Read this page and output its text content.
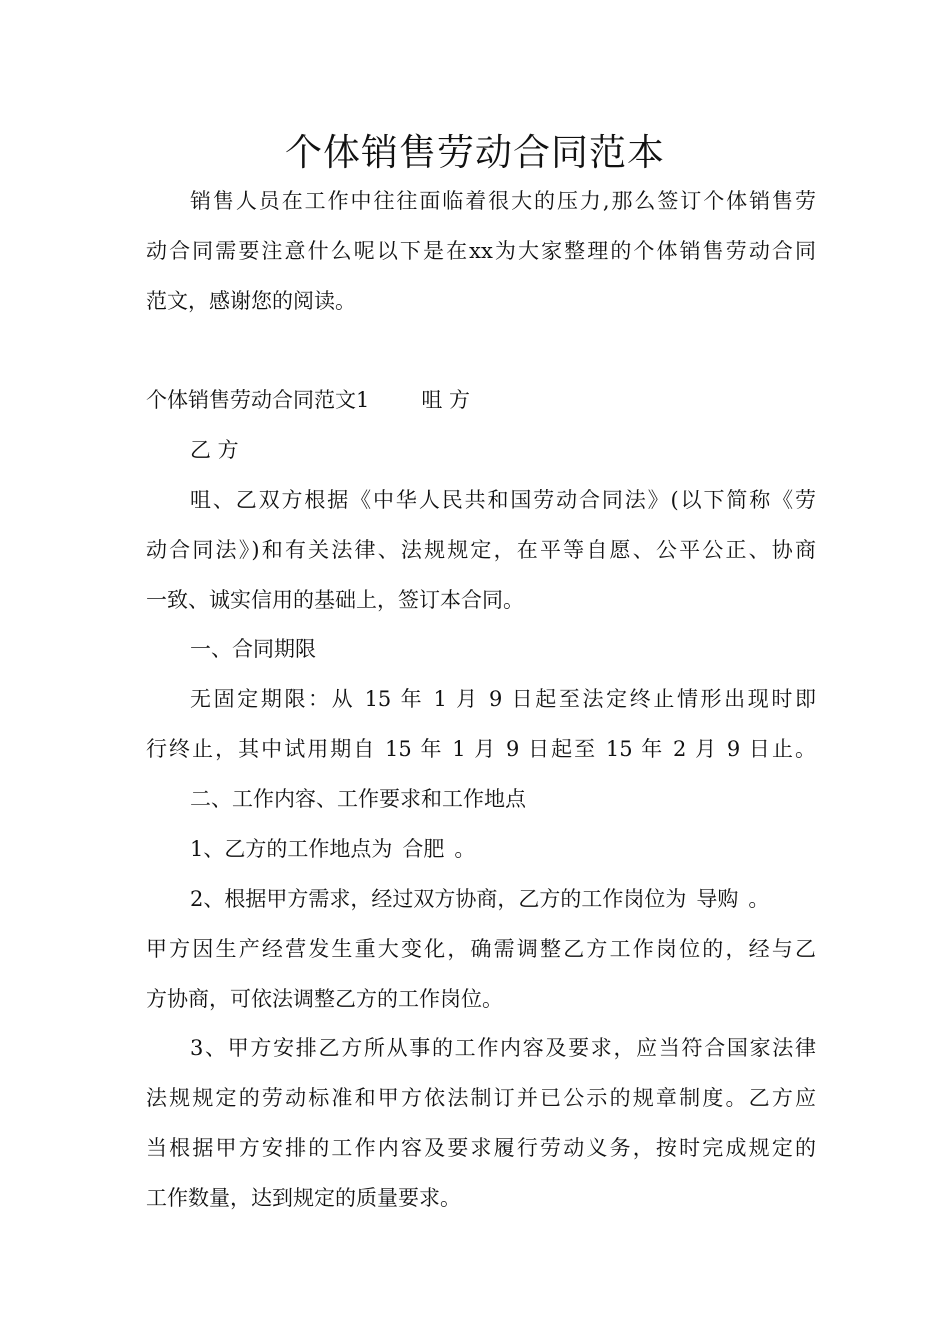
个体销售劳动合同范本
销售人员在工作中往往面临着很大的压力,那么签订个体销售劳
动合同需要注意什么呢以下是在xx为大家整理的个体销售劳动合同
范文，感谢您的阅读。
个体销售劳动合同范文1 咀 方
乙 方
咀、乙双方根据《中华人民共和国劳动合同法》(以下简称《劳
动合同法》)和有关法律、法规规定，在平等自愿、公平公正、协商
一致、诚实信用的基础上，签订本合同。
一、合同期限
无固定期限：从 15 年 1 月 9 日起至法定终止情形出现时即
行终止，其中试用期自 15 年 1 月 9 日起至 15 年 2 月 9 日止。
二、工作内容、工作要求和工作地点
1、乙方的工作地点为 合肥 。
2、根据甲方需求，经过双方协商，乙方的工作岗位为 导购 。
甲方因生产经营发生重大变化，确需调整乙方工作岗位的，经与乙
方协商，可依法调整乙方的工作岗位。
3、甲方安排乙方所从事的工作内容及要求，应当符合国家法律
法规规定的劳动标准和甲方依法制订并已公示的规章制度。乙方应
当根据甲方安排的工作内容及要求履行劳动义务，按时完成规定的
工作数量，达到规定的质量要求。
